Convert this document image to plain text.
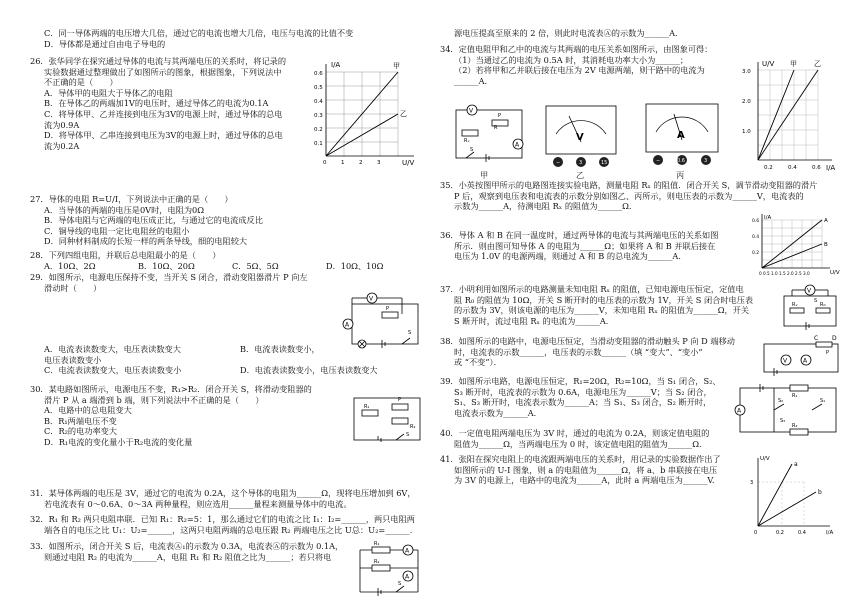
C．同一导体两端的电压增大几倍，通过它的电流也增大几倍，电压与电流的比值不变

D．导体都是通过自由电子导电的

26．张华同学在探究通过导体的电流与其两端电压的关系时，将记录的

实验数据通过整理做出了如图所示的图象，根据图象，下列说法中

不正确的是（　　）

A．导体甲的电阻大于导体乙的电阻

B．在导体乙的两端加1V的电压时，通过导体乙的电流为0.1A

C．将导体甲、乙并连接到电压为3V的电源上时，通过导体的总电

流为0.9A

D．将导体甲、乙串连接到电压为3V的电源上时，通过导体的总电

流为0.2A

I/A
U/V
甲
乙
0.6
0.5
0.4
0.3
0.2
0.1
0	1	2	3

27．导体的电阻 R=U/I，下列说法中正确的是（　　）

A．当导体的两端的电压是0V时，电阻为0Ω

B．导体电阻与它两端的电压成正比，与通过它的电流成反比

C．铜导线的电阻一定比电阻丝的电阻小

D．同种材料制成的长短一样的两条导线，细的电阻较大

28．下列四组电阻，并联后总电阻最小的是（　　）

A．10Ω、2Ω	B．10Ω、20Ω	C．5Ω、5Ω	D．10Ω、10Ω

29．如图所示，电源电压保持不变，当开关 S 闭合，滑动变阻器滑片 P 向左

滑动时（　　）

V
A
P
S
A．电流表读数变大，电压表读数变大	B．电流表读数变小，

电压表读数变小

C．电流表读数变大，电压表读数变小	D．电流表读数变小，电压表读数变大

30．某电路如图所示，电源电压不变，R₁>R₂．闭合开关 S，将滑动变阻器的

滑片 P 从 a 端滑到 b 端，则下列说法中不正确的是（　　）

A．电路中的总电阻变大

B．R₁两端电压不变

C．R₂的电功率变大

D．R₁电流的变化量小于R₂电流的变化量

R₁
R₂
P
S

31．某导体两端的电压是 3V，通过它的电流为 0.2A，这个导体的电阻为______Ω，现将电压增加到 6V，

若电流表有 0～0.6A、0～3A 两种量程，则应选用______量程来测量导体中的电流。

32．R₁ 和 R₂ 两只电阻串联．已知 R₁：R₂=5：1，那么通过它们的电流之比 I₁：I₂=______，两只电阻两

端各自的电压之比 U₁：U₂=______，这两只电阻两端的总电压跟 R₂ 两端电压之比 U总：U₂=______.

33．如图所示，闭合开关 S 后，电流表Ⓐ₁的示数为 0.3A，电流表Ⓐ的示数为 0.1A，

则通过电阻 R₂ 的电流为______A，电阻 R₁ 和 R₂ 阻值之比为______；若只将电

R₁
R₂
A
A
S

源电压提高至原来的 2 倍，则此时电流表Ⓐ的示数为______A．

34．定值电阻甲和乙中的电流与其两端的电压关系如图所示，由图象可得：

（1）当通过乙的电流为 0.5A 时，其消耗电功率大小为______；

（2）若将甲和乙并联后接在电压为 2V 电源两端，则干路中的电流为

______A．

U/V
I/A
甲 乙
3.0
2.0
1.0
0.2	0.4	0.6
V
A
Rₓ
P
R
S
V
−	3	15
A
−	0.6	3
甲	乙	丙

35．小英按图甲所示的电路图连接实验电路，测量电阻 Rₓ 的阻值．闭合开关 S，调节滑动变阻器的滑片

P 后，观察到电压表和电流表的示数分别如图乙、丙所示，则电压表的示数为______V，电流表的

示数为______A，待测电阻 Rₓ 的阻值为______Ω.

36．导体 A 和 B 在同一温度时，通过两导体的电流与其两端电压的关系如图

所示．则由图可知导体 A 的电阻为______Ω；如果将 A 和 B 并联后接在

电压为 1.0V 的电源两端，则通过 A 和 B 的总电流为______A．

I/A
U/V
A
B
0.6
0.4
0.2
0 0.5 1.0 1.5 2.0 2.5 3.0

37．小明利用如图所示的电路测量未知电阻 Rₓ 的阻值，已知电源电压恒定，定值电

阻 R₀ 的阻值为 10Ω，开关 S 断开时的电压表的示数为 1V，开关 S 闭合时电压表

的示数为 3V，则该电源的电压为______V，未知电阻 Rₓ 的阻值为______Ω，开关

S 断开时，流过电阻 Rₓ 的电流为______A．

V
Rₓ	R₀
S

38．如图所示的电路中，电源电压恒定，当滑动变阻器的滑动触头 P 向 D 端移动

时，电流表的示数______，电压表的示数______（填 “变大”、“变小”

或 “不变”）．	V	A
C D
P

39．如图所示电路，电源电压恒定，R₁=20Ω，R₂=10Ω，当 S₁ 闭合，S₂、

S₃ 断开时，电流表的示数为 0.6A，电源电压为______V；当 S₂ 闭合，

S₁、S₃ 断开时，电流表示数为______A；当 S₁、S₃ 闭合，S₂ 断开时，

电流表示数为______A．	A
R₁
R₂
S₁
S₂
S₃

40．一定值电阻两端电压为 3V 时，通过的电流为 0.2A，则该定值电阻的

阻值为______Ω，当两端电压为 0 时，该定值电阻的阻值为______Ω．

41．张阳在探究电阻上的电流跟两端电压的关系时，用记录的实验数据作出了

如图所示的 U-I 图象，则 a 的电阻值为______Ω，将 a、b 串联接在电压

为 3V 的电源上，电路中的电流为______A，此时 a 两端电压为______V.

U/V
I/A
a
b
3
0	0.2	0.4
